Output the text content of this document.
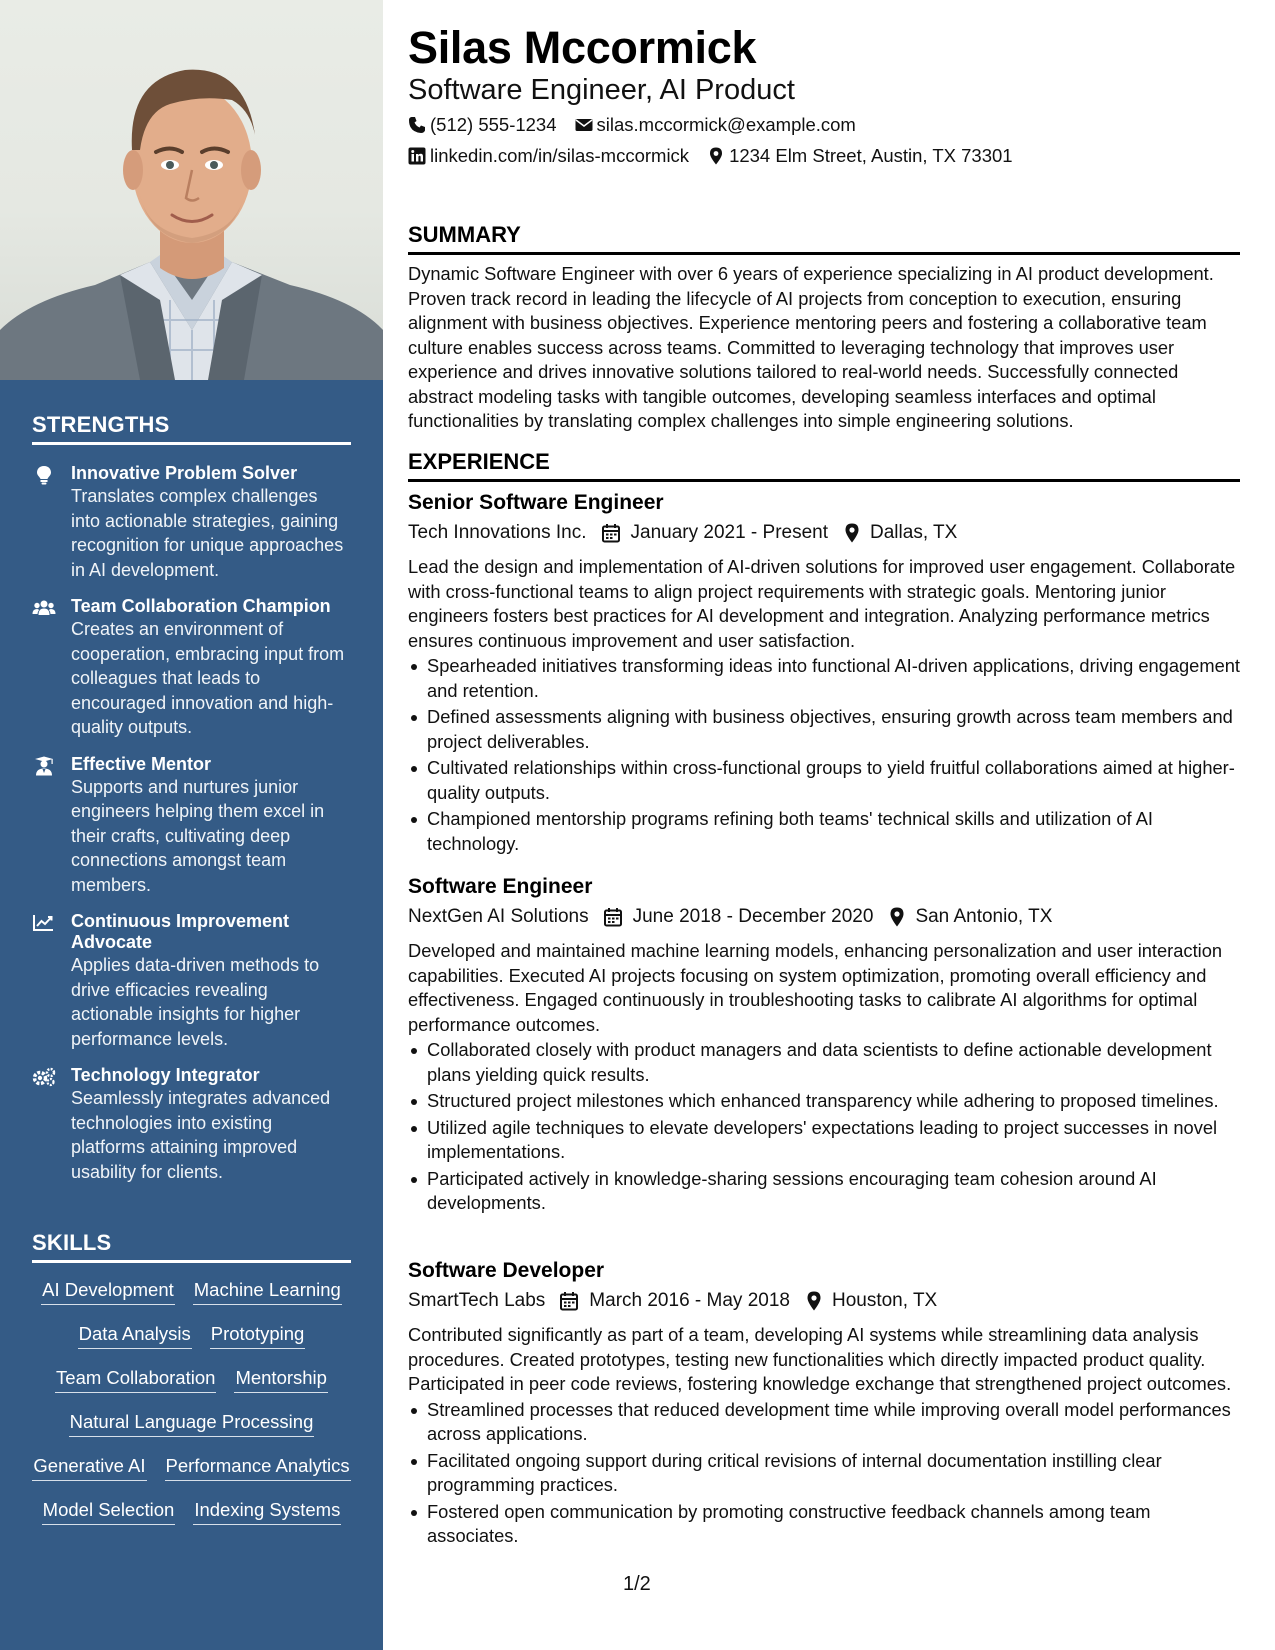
STRENGTHS
Innovative Problem Solver
Translates complex challenges into actionable strategies, gaining recognition for unique approaches in AI development.
Team Collaboration Champion
Creates an environment of cooperation, embracing input from colleagues that leads to encouraged innovation and high-quality outputs.
Effective Mentor
Supports and nurtures junior engineers helping them excel in their crafts, cultivating deep connections amongst team members.
Continuous Improvement Advocate
Applies data-driven methods to drive efficacies revealing actionable insights for higher performance levels.
Technology Integrator
Seamlessly integrates advanced technologies into existing platforms attaining improved usability for clients.
SKILLS
AI Development Machine Learning
Data Analysis Prototyping
Team Collaboration Mentorship
Natural Language Processing
Generative AI Performance Analytics
Model Selection Indexing Systems
Silas Mccormick
Software Engineer, AI Product
(512) 555-1234 silas.mccormick@example.com
linkedin.com/in/silas-mccormick 1234 Elm Street, Austin, TX 73301
SUMMARY

Dynamic Software Engineer with over 6 years of experience specializing in AI product development. Proven track record in leading the lifecycle of AI projects from conception to execution, ensuring alignment with business objectives. Experience mentoring peers and fostering a collaborative team culture enables success across teams. Committed to leveraging technology that improves user experience and drives innovative solutions tailored to real-world needs. Successfully connected abstract modeling tasks with tangible outcomes, developing seamless interfaces and optimal functionalities by translating complex challenges into simple engineering solutions.

EXPERIENCE
Senior Software Engineer
Tech Innovations Inc. January 2021 - Present Dallas, TX

Lead the design and implementation of AI-driven solutions for improved user engagement. Collaborate with cross-functional teams to align project requirements with strategic goals. Mentoring junior engineers fosters best practices for AI development and integration. Analyzing performance metrics ensures continuous improvement and user satisfaction.

Spearheaded initiatives transforming ideas into functional AI-driven applications, driving engagement and retention.
Defined assessments aligning with business objectives, ensuring growth across team members and project deliverables.
Cultivated relationships within cross-functional groups to yield fruitful collaborations aimed at higher-quality outputs.
Championed mentorship programs refining both teams' technical skills and utilization of AI technology.
Software Engineer
NextGen AI Solutions June 2018 - December 2020 San Antonio, TX

Developed and maintained machine learning models, enhancing personalization and user interaction capabilities. Executed AI projects focusing on system optimization, promoting overall efficiency and effectiveness. Engaged continuously in troubleshooting tasks to calibrate AI algorithms for optimal performance outcomes.

Collaborated closely with product managers and data scientists to define actionable development plans yielding quick results.
Structured project milestones which enhanced transparency while adhering to proposed timelines.
Utilized agile techniques to elevate developers' expectations leading to project successes in novel implementations.
Participated actively in knowledge-sharing sessions encouraging team cohesion around AI developments.
Software Developer
SmartTech Labs March 2016 - May 2018 Houston, TX

Contributed significantly as part of a team, developing AI systems while streamlining data analysis procedures. Created prototypes, testing new functionalities which directly impacted product quality. Participated in peer code reviews, fostering knowledge exchange that strengthened project outcomes.

Streamlined processes that reduced development time while improving overall model performances across applications.
Facilitated ongoing support during critical revisions of internal documentation instilling clear programming practices.
Fostered open communication by promoting constructive feedback channels among team associates.
1/2
